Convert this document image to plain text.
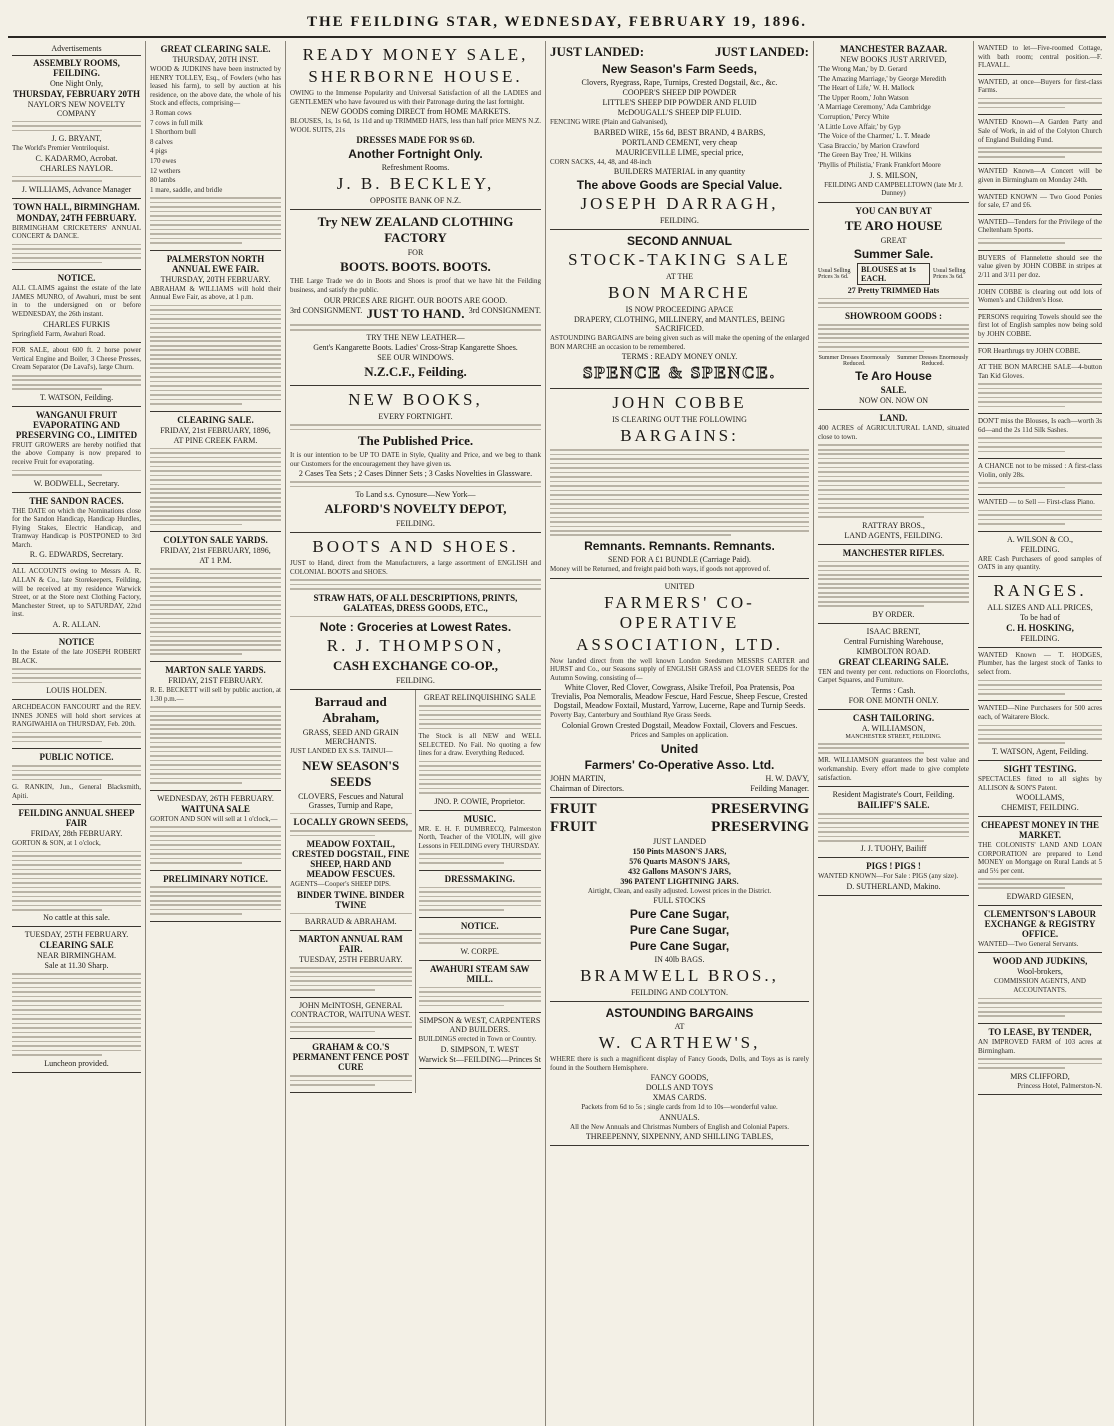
THE FEILDING STAR, WEDNESDAY, FEBRUARY 19, 1896.
Advertisements
ASSEMBLY ROOMS, FEILDING.
One Night Only,
THURSDAY, FEBRUARY 20TH
NAYLOR'S NEW NOVELTY COMPANY
J. G. BRYANT,
The World's Premier Ventriloquist.
C. KADARMO, Acrobat.
CHARLES NAYLOR.
J. WILLIAMS, Advance Manager
TOWN HALL, BIRMINGHAM.
MONDAY, 24TH FEBRUARY.
BIRMINGHAM CRICKETERS' ANNUAL CONCERT & DANCE.
NOTICE.
ALL CLAIMS against the estate of the late JAMES MUNRO, of Awahuri, must be sent in to the undersigned on or before WEDNESDAY, the 26th instant.
CHARLES FURKIS
Springfield Farm, Awahuri Road.
FOR SALE, about 600 ft. 2 horse power Vertical Engine and Boiler, 3 Cheese Presses, Cream Separator (De Laval's), large Churn.
T. WATSON, Feilding.
WANGANUI FRUIT EVAPORATING AND PRESERVING CO., LIMITED
FRUIT GROWERS are hereby notified that the above Company is now prepared to receive Fruit for evaporating.
W. BODWELL, Secretary.
THE SANDON RACES.
THE DATE on which the Nominations close for the Sandon Handicap, Handicap Hurdles, Flying Stakes, Electric Handicap, and Tramway Handicap is POSTPONED to 3rd March.
R. G. EDWARDS, Secretary.
ALL ACCOUNTS owing to Messrs A. R. ALLAN & Co., late Storekeepers, Feilding, will be received at my residence Warwick Street, or at the Store next Clothing Factory, Manchester Street, up to SATURDAY, 22nd inst.
A. R. ALLAN.
NOTICE
In the Estate of the late JOSEPH ROBERT BLACK.
LOUIS HOLDEN.
ARCHDEACON FANCOURT and the REV. INNES JONES will hold short services at RANGIWAHIA on THURSDAY, Feb. 20th.
PUBLIC NOTICE.
G. RANKIN, Jun., General Blacksmith, Apiti.
FEILDING ANNUAL SHEEP FAIR
FRIDAY, 28th FEBRUARY.
GORTON & SON, at 1 o'clock,
No cattle at this sale.
TUESDAY, 25TH FEBRUARY.
CLEARING SALE
NEAR BIRMINGHAM.
Sale at 11.30 Sharp.
Luncheon provided.
GREAT CLEARING SALE.
THURSDAY, 20TH INST.
WOOD & JUDKINS have been instructed by HENRY TOLLEY, Esq., of Fowlers (who has leased his farm), to sell by auction at his residence, on the above date, the whole of his Stock and effects, comprising—
3 Roman cows
7 cows in full milk
1 Shorthorn bull
8 calves
4 pigs
170 ewes
12 wethers
80 lambs
1 mare, saddle, and bridle
PALMERSTON NORTH ANNUAL EWE FAIR.
THURSDAY, 20TH FEBRUARY.
ABRAHAM & WILLIAMS will hold their Annual Ewe Fair, as above, at 1 p.m.
CLEARING SALE.
FRIDAY, 21st FEBRUARY, 1896,
AT PINE CREEK FARM.
COLYTON SALE YARDS.
FRIDAY, 21st FEBRUARY, 1896,
AT 1 P.M.
MARTON SALE YARDS.
FRIDAY, 21ST FEBRUARY.
R. E. BECKETT will sell by public auction, at 1.30 p.m.—
WEDNESDAY, 26TH FEBRUARY.
WAITUNA SALE
GORTON AND SON will sell at 1 o'clock,—
PRELIMINARY NOTICE.
READY MONEY SALE,
SHERBORNE HOUSE.
OWING to the Immense Popularity and Universal Satisfaction of all the LADIES and GENTLEMEN who have favoured us with their Patronage during the last fortnight.
NEW GOODS coming DIRECT from HOME MARKETS.
BLOUSES, 1s, 1s 6d, 1s 11d and up TRIMMED HATS, less than half price MEN'S N.Z. WOOL SUITS, 21s
DRESSES MADE FOR 9S 6D.
Another Fortnight Only.
Refreshment Rooms.
J. B. BECKLEY,
OPPOSITE BANK OF N.Z.
Try NEW ZEALAND CLOTHING FACTORY
FOR
BOOTS. BOOTS. BOOTS.
THE Large Trade we do in Boots and Shoes is proof that we have hit the Feilding business, and satisfy the public.
OUR PRICES ARE RIGHT. OUR BOOTS ARE GOOD.
3rd CONSIGNMENT. JUST TO HAND. 3rd CONSIGNMENT.
TRY THE NEW LEATHER—
Gent's Kangarette Boots. Ladies' Cross-Strap Kangarette Shoes.
SEE OUR WINDOWS.
N.Z.C.F., Feilding.
NEW BOOKS,
EVERY FORTNIGHT.
The Published Price.
It is our intention to be UP TO DATE in Style, Quality and Price, and we beg to thank our Customers for the encouragement they have given us.
2 Cases Tea Sets ; 2 Cases Dinner Sets ; 3 Casks Novelties in Glassware.
To Land s.s. Cynosure—New York—
ALFORD'S NOVELTY DEPOT,
FEILDING.
BOOTS AND SHOES.
JUST to Hand, direct from the Manufacturers, a large assortment of ENGLISH and COLONIAL BOOTS and SHOES.
STRAW HATS, OF ALL DESCRIPTIONS, PRINTS, GALATEAS, DRESS GOODS, ETC.,
Note : Groceries at Lowest Rates.
R. J. THOMPSON,
CASH EXCHANGE CO-OP.,
FEILDING.
Barraud and Abraham,
GRASS, SEED AND GRAIN MERCHANTS.
JUST LANDED EX S.S. TAINUI—
NEW SEASON'S SEEDS
CLOVERS, Fescues and Natural Grasses, Turnip and Rape,
LOCALLY GROWN SEEDS,
MEADOW FOXTAIL, CRESTED DOGSTAIL, FINE SHEEP, HARD AND MEADOW FESCUES.
AGENTS—Cooper's SHEEP DIPS.
BINDER TWINE. BINDER TWINE
BARRAUD & ABRAHAM.
MARTON ANNUAL RAM FAIR.
TUESDAY, 25TH FEBRUARY.
JOHN McINTOSH, GENERAL CONTRACTOR, WAITUNA WEST.
GRAHAM & CO.'S PERMANENT FENCE POST CURE
GREAT RELINQUISHING SALE
The Stock is all NEW and WELL SELECTED. No Fail. No quoting a few lines for a draw. Everything Reduced.
JNO. P. COWIE, Proprietor.
MUSIC.
MR. E. H. F. DUMBRECQ, Palmerston North, Teacher of the VIOLIN, will give Lessons in FEILDING every THURSDAY.
DRESSMAKING.
NOTICE.
W. CORPE.
AWAHURI STEAM SAW MILL.
SIMPSON & WEST, CARPENTERS AND BUILDERS.
BUILDINGS erected in Town or Country.
D. SIMPSON, T. WEST
Warwick St—FEILDING—Princes St
JUST LANDED:	JUST LANDED:
New Season's Farm Seeds,
Clovers, Ryegrass, Rape, Turnips, Crested Dogstail, &c., &c.
COOPER'S SHEEP DIP POWDER
LITTLE'S SHEEP DIP POWDER AND FLUID
McDOUGALL'S SHEEP DIP FLUID.
FENCING WIRE (Plain and Galvanised),
BARBED WIRE, 15s 6d, BEST BRAND, 4 BARBS,
PORTLAND CEMENT, very cheap
MAURICEVILLE LIME, special price,
CORN SACKS, 44, 48, and 48-inch
BUILDERS MATERIAL in any quantity
The above Goods are Special Value.
JOSEPH DARRAGH,
FEILDING.
SECOND ANNUAL
STOCK-TAKING SALE
AT THE
BON MARCHE
IS NOW PROCEEDING APACE
DRAPERY, CLOTHING, MILLINERY, and MANTLES, BEING SACRIFICED.
ASTOUNDING BARGAINS are being given such as will make the opening of the enlarged BON MARCHE an occasion to be remembered.
TERMS : READY MONEY ONLY.
SPENCE & SPENCE.
JOHN COBBE
IS CLEARING OUT THE FOLLOWING
BARGAINS:
Remnants. Remnants. Remnants.
SEND FOR A £1 BUNDLE (Carriage Paid).
Money will be Returned, and freight paid both ways, if goods not approved of.
UNITED
FARMERS' CO-OPERATIVE
ASSOCIATION, LTD.
Now landed direct from the well known London Seedsmen MESSRS CARTER and HURST and Co., our Seasons supply of ENGLISH GRASS and CLOVER SEEDS for the Autumn Sowing, consisting of—
White Clover, Red Clover, Cowgrass, Alsike Trefoil, Poa Pratensis, Poa Trevialis, Poa Nemoralis, Meadow Fescue, Hard Fescue, Sheep Fescue, Crested Dogstail, Meadow Foxtail, Mustard, Yarrow, Lucerne, Rape and Turnip Seeds.
Poverty Bay, Canterbury and Southland Rye Grass Seeds.
Colonial Grown Crested Dogstail, Meadow Foxtail, Clovers and Fescues.
Prices and Samples on application.
United
Farmers' Co-Operative Asso. Ltd.
JOHN MARTIN,	H. W. DAVY,
Chairman of Directors.	Feilding Manager.
FRUIT	PRESERVING
FRUIT	PRESERVING
JUST LANDED
150 Pints MASON'S JARS,
576 Quarts MASON'S JARS,
432 Gallons MASON'S JARS,
396 PATENT LIGHTNING JARS.
Airtight, Clean, and easily adjusted. Lowest prices in the District.
FULL STOCKS
Pure Cane Sugar,
Pure Cane Sugar,
Pure Cane Sugar,
IN 40lb BAGS.
BRAMWELL BROS.,
FEILDING AND COLYTON.
ASTOUNDING BARGAINS
AT
W. CARTHEW'S,
WHERE there is such a magnificent display of Fancy Goods, Dolls, and Toys as is rarely found in the Southern Hemisphere.
FANCY GOODS,
DOLLS AND TOYS
XMAS CARDS.
Packets from 6d to 5s ; single cards from 1d to 10s—wonderful value.
ANNUALS.
All the New Annuals and Christmas Numbers of English and Colonial Papers.
THREEPENNY, SIXPENNY, AND SHILLING TABLES,
MANCHESTER BAZAAR.
NEW BOOKS JUST ARRIVED,
'The Wrong Man,' by D. Gerard
'The Amazing Marriage,' by George Meredith
'The Heart of Life,' W. H. Mallock
'The Upper Room,' John Watson
'A Marriage Ceremony,' Ada Cambridge
'Corruption,' Percy White
'A Little Love Affair,' by Gyp
'The Voice of the Charmer,' L. T. Meade
'Casa Braccio,' by Marion Crawford
'The Green Bay Tree,' H. Wilkins
'Phyllis of Philistia,' Frank Frankfort Moore
J. S. MILSON,
FEILDING AND CAMPBELLTOWN (late Mr J. Dunney)
YOU CAN BUY AT
TE ARO HOUSE
GREAT
Summer Sale.
Usual Selling Prices 3s 6d.
BLOUSES at 1s EACH.
Usual Selling Prices 3s 6d.
27 Pretty TRIMMED Hats
SHOWROOM GOODS :
Summer Dresses Enormously Reduced.
Summer Dresses Enormously Reduced.
Te Aro House
SALE.
NOW ON. NOW ON
LAND.
400 ACRES of AGRICULTURAL LAND, situated close to town.
RATTRAY BROS.,
LAND AGENTS, FEILDING.
MANCHESTER RIFLES.
BY ORDER.
ISAAC BRENT,
Central Furnishing Warehouse,
KIMBOLTON ROAD.
GREAT CLEARING SALE.
TEN and twenty per cent. reductions on Floorcloths, Carpet Squares, and Furniture.
Terms : Cash.
FOR ONE MONTH ONLY.
CASH TAILORING.
A. WILLIAMSON,
MANCHESTER STREET, FEILDING.
MR. WILLIAMSON guarantees the best value and workmanship. Every effort made to give complete satisfaction.
Resident Magistrate's Court, Feilding.
BAILIFF'S SALE.
J. J. TUOHY, Bailiff
PIGS ! PIGS !
WANTED KNOWN—For Sale : PIGS (any size).
D. SUTHERLAND, Makino.
WANTED to let—Five-roomed Cottage, with bath room; central position.—F. FLAVALL.
WANTED, at once—Buyers for first-class Farms.
WANTED Known—A Garden Party and Sale of Work, in aid of the Colyton Church of England Building Fund.
WANTED Known—A Concert will be given in Birmingham on Monday 24th.
WANTED KNOWN — Two Good Ponies for sale, £7 and £6.
WANTED—Tenders for the Privilege of the Cheltenham Sports.
BUYERS of Flannelette should see the value given by JOHN COBBE in stripes at 2/11 and 3/11 per doz.
JOHN COBBE is clearing out odd lots of Women's and Children's Hose.
PERSONS requiring Towels should see the first lot of English samples now being sold by JOHN COBBE.
FOR Hearthrugs try JOHN COBBE.
AT THE BON MARCHE SALE—4-button Tan Kid Gloves.
DON'T miss the Blouses, Is each—worth 3s 6d—and the 2s 11d Silk Sashes.
A CHANCE not to be missed : A first-class Violin, only 28s.
WANTED — to Sell — First-class Piano.
A. WILSON & CO.,
FEILDING.
ARE Cash Purchasers of good samples of OATS in any quantity.
RANGES.
ALL SIZES AND ALL PRICES,
To be had of
C. H. HOSKING,
FEILDING.
WANTED Known — T. HODGES, Plumber, has the largest stock of Tanks to select from.
WANTED—Nine Purchasers for 500 acres each, of Waitarere Block.
T. WATSON, Agent, Feilding.
SIGHT TESTING.
SPECTACLES fitted to all sights by ALLISON & SON'S Patent.
WOOLLAMS,
CHEMIST, FEILDING.
CHEAPEST MONEY IN THE MARKET.
THE COLONISTS' LAND AND LOAN CORPORATION are prepared to Lend MONEY on Mortgage on Rural Lands at 5 and 5½ per cent.
EDWARD GIESEN,
CLEMENTSON'S LABOUR EXCHANGE & REGISTRY OFFICE.
WANTED—Two General Servants.
WOOD AND JUDKINS,
Wool-brokers,
COMMISSION AGENTS, AND ACCOUNTANTS.
TO LEASE, BY TENDER,
AN IMPROVED FARM of 103 acres at Birmingham.
MRS CLIFFORD,
Princess Hotel, Palmerston-N.
